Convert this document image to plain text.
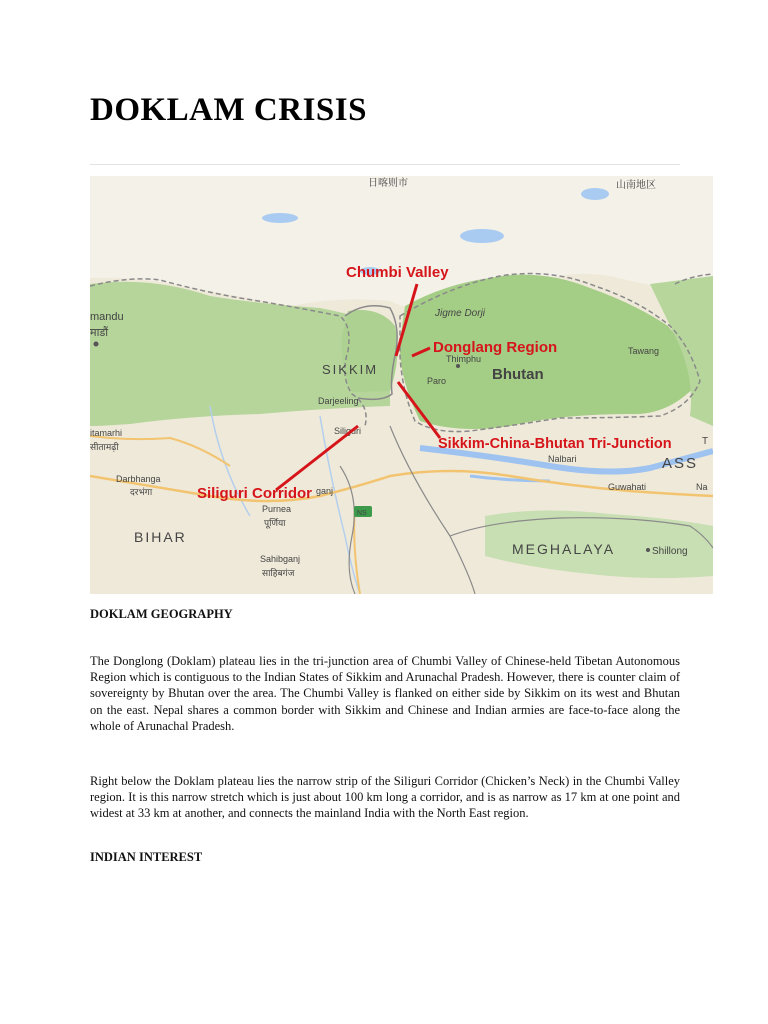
DOKLAM CRISIS
日喀则市	山南地区
mandu
माडौं
Jigme Dorji
Thimphu
Paro	Bhutan
SIKKIM
Darjeeling
Siliguri
Tawang
itamarhi
सीतामढ़ी
Darbhanga
दरभंगा
Nalbari	ASS
T
Guwahati	Na
ganj
NS
Purnea
पूर्णिया
BIHAR
MEGHALAYA	Shillong
Sahibganj
साहिबगंज
Chumbi Valley
Donglang Region
Sikkim-China-Bhutan Tri-Junction
Siliguri Corridor
DOKLAM GEOGRAPHY

The Donglong (Doklam) plateau lies in the tri-junction area of Chumbi Valley of Chinese-held Tibetan Autonomous Region which is contiguous to the Indian States of Sikkim and Arunachal Pradesh. However, there is counter claim of sovereignty by Bhutan over the area. The Chumbi Valley is flanked on either side by Sikkim on its west and Bhutan on the east. Nepal shares a common border with Sikkim and Chinese and Indian armies are face-to-face along the whole of Arunachal Pradesh.

Right below the Doklam plateau lies the narrow strip of the Siliguri Corridor (Chicken’s Neck) in the Chumbi Valley region. It is this narrow stretch which is just about 100 km long a corridor, and is as narrow as 17 km at one point and widest at 33 km at another, and connects the mainland India with the North East region.

INDIAN INTEREST
